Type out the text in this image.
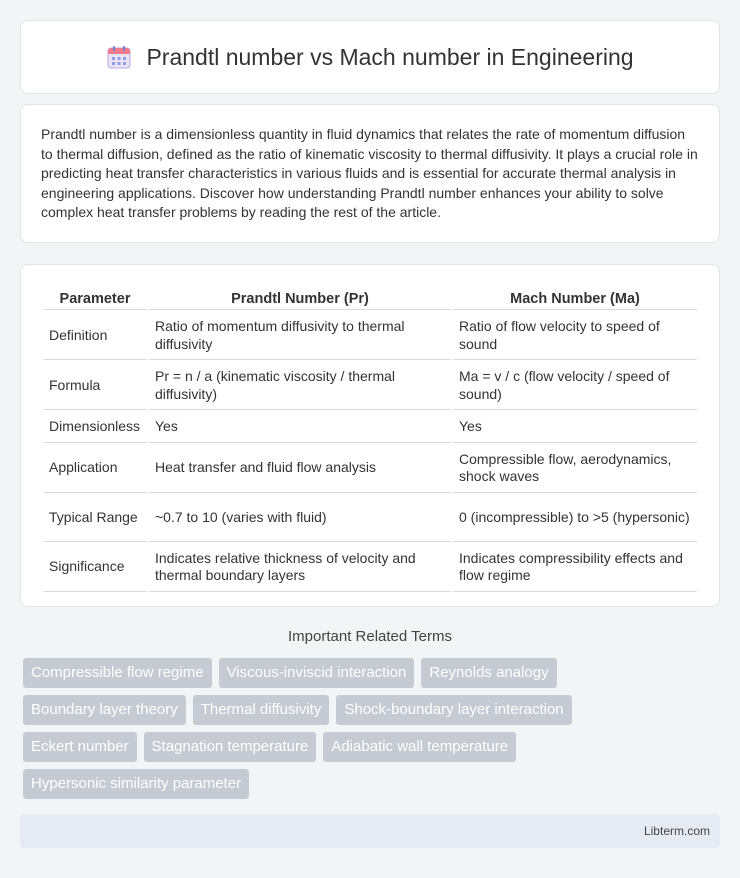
Prandtl number vs Mach number in Engineering

Prandtl number is a dimensionless quantity in fluid dynamics that relates the rate of momentum diffusion to thermal diffusion, defined as the ratio of kinematic viscosity to thermal diffusivity. It plays a crucial role in predicting heat transfer characteristics in various fluids and is essential for accurate thermal analysis in engineering applications. Discover how understanding Prandtl number enhances your ability to solve complex heat transfer problems by reading the rest of the article.

Parameter	Prandtl Number (Pr)	Mach Number (Ma)
Definition	Ratio of momentum diffusivity to thermal diffusivity	Ratio of flow velocity to speed of sound
Formula	Pr = n / a (kinematic viscosity / thermal diffusivity)	Ma = v / c (flow velocity / speed of sound)
Dimensionless	Yes	Yes
Application	Heat transfer and fluid flow analysis	Compressible flow, aerodynamics, shock waves
Typical Range	~0.7 to 10 (varies with fluid)	0 (incompressible) to >5 (hypersonic)
Significance	Indicates relative thickness of velocity and thermal boundary layers	Indicates compressibility effects and flow regime
Important Related Terms
Compressible flow regime	Viscous-inviscid interaction	Reynolds analogy
Boundary layer theory	Thermal diffusivity	Shock-boundary layer interaction
Eckert number	Stagnation temperature	Adiabatic wall temperature
Hypersonic similarity parameter
Libterm.com
